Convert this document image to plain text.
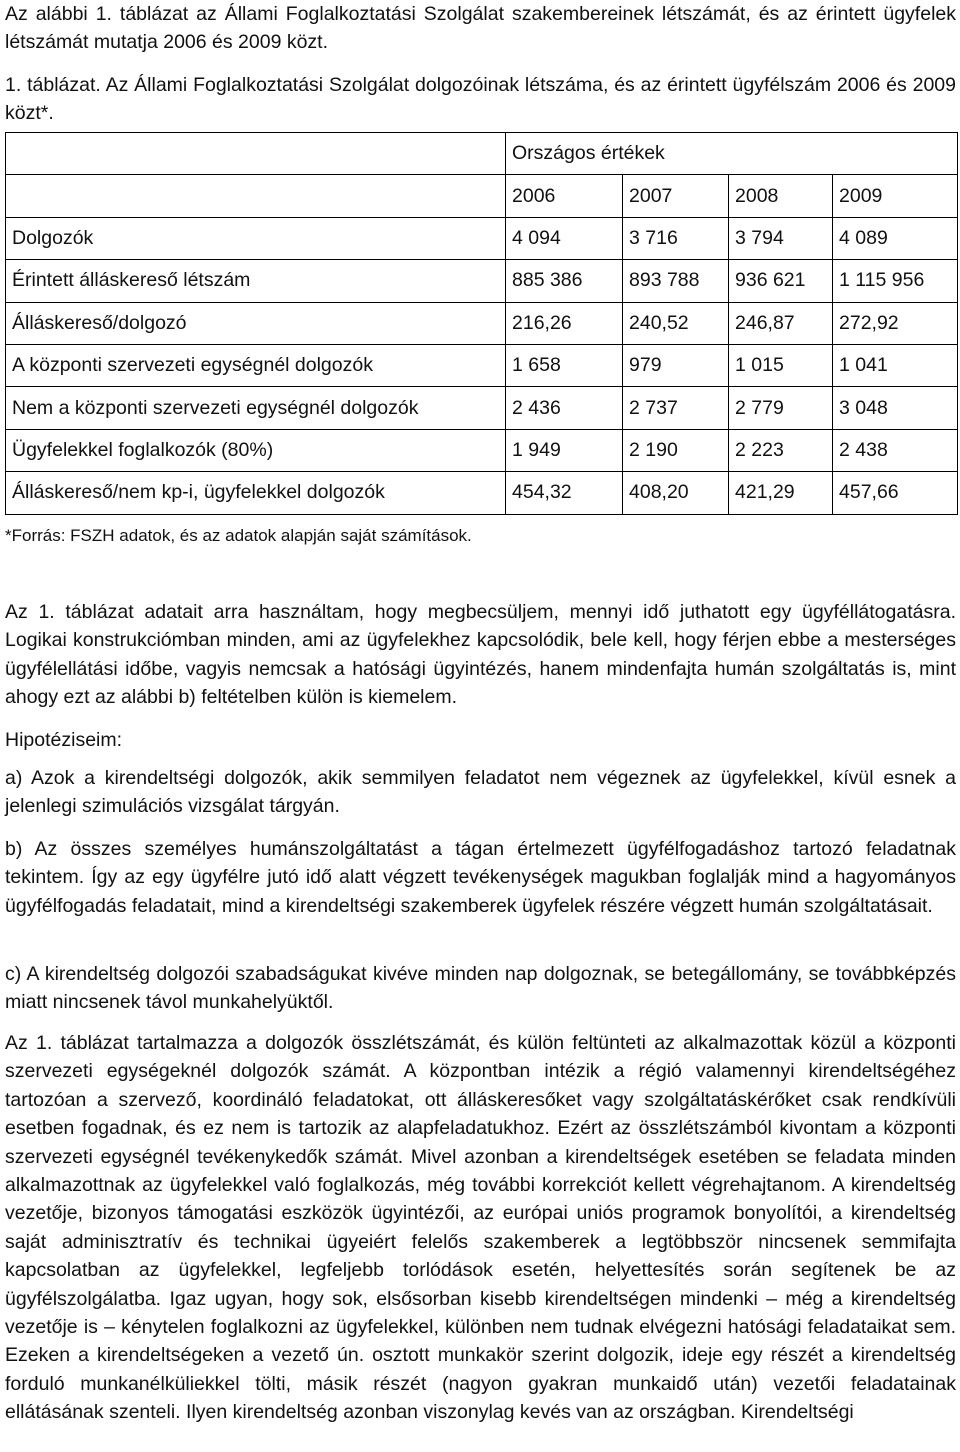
Az alábbi 1. táblázat az Állami Foglalkoztatási Szolgálat szakembereinek létszámát, és az érintett ügyfelek létszámát mutatja 2006 és 2009 közt.

1. táblázat. Az Állami Foglalkoztatási Szolgálat dolgozóinak létszáma, és az érintett ügyfélszám 2006 és 2009 közt*.

	Országos értékek			
	2006	2007	2008	2009
Dolgozók	4 094	3 716	3 794	4 089
Érintett álláskereső létszám	885 386	893 788	936 621	1 115 956
Álláskereső/dolgozó	216,26	240,52	246,87	272,92
A központi szervezeti egységnél dolgozók	1 658	979	1 015	1 041
Nem a központi szervezeti egységnél dolgozók	2 436	2 737	2 779	3 048
Ügyfelekkel foglalkozók (80%)	1 949	2 190	2 223	2 438
Álláskereső/nem kp-i, ügyfelekkel dolgozók	454,32	408,20	421,29	457,66

*Forrás: FSZH adatok, és az adatok alapján saját számítások.

Az 1. táblázat adatait arra használtam, hogy megbecsüljem, mennyi idő juthatott egy ügyféllátogatásra. Logikai konstrukciómban minden, ami az ügyfelekhez kapcsolódik, bele kell, hogy férjen ebbe a mesterséges ügyfélellátási időbe, vagyis nemcsak a hatósági ügyintézés, hanem mindenfajta humán szolgáltatás is, mint ahogy ezt az alábbi b) feltételben külön is kiemelem.

Hipotéziseim:

a) Azok a kirendeltségi dolgozók, akik semmilyen feladatot nem végeznek az ügyfelekkel, kívül esnek a jelenlegi szimulációs vizsgálat tárgyán.

b) Az összes személyes humánszolgáltatást a tágan értelmezett ügyfélfogadáshoz tartozó feladatnak tekintem. Így az egy ügyfélre jutó idő alatt végzett tevékenységek magukban foglalják mind a hagyományos ügyfélfogadás feladatait, mind a kirendeltségi szakemberek ügyfelek részére végzett humán szolgáltatásait.

c) A kirendeltség dolgozói szabadságukat kivéve minden nap dolgoznak, se betegállomány, se továbbképzés miatt nincsenek távol munkahelyüktől.

Az 1. táblázat tartalmazza a dolgozók összlétszámát, és külön feltünteti az alkalmazottak közül a központi szervezeti egységeknél dolgozók számát. A központban intézik a régió valamennyi kirendeltségéhez tartozóan a szervező, koordináló feladatokat, ott álláskeresőket vagy szolgáltatáskérőket csak rendkívüli esetben fogadnak, és ez nem is tartozik az alapfeladatukhoz. Ezért az összlétszámból kivontam a központi szervezeti egységnél tevékenykedők számát. Mivel azonban a kirendeltségek esetében se feladata minden alkalmazottnak az ügyfelekkel való foglalkozás, még további korrekciót kellett végrehajtanom. A kirendeltség vezetője, bizonyos támogatási eszközök ügyintézői, az európai uniós programok bonyolítói, a kirendeltség saját adminisztratív és technikai ügyeiért felelős szakemberek a legtöbbször nincsenek semmifajta kapcsolatban az ügyfelekkel, legfeljebb torlódások esetén, helyettesítés során segítenek be az ügyfélszolgálatba. Igaz ugyan, hogy sok, elsősorban kisebb kirendeltségen mindenki – még a kirendeltség vezetője is – kénytelen foglalkozni az ügyfelekkel, különben nem tudnak elvégezni hatósági feladataikat sem. Ezeken a kirendeltségeken a vezető ún. osztott munkakör szerint dolgozik, ideje egy részét a kirendeltség forduló munkanélküliekkel tölti, másik részét (nagyon gyakran munkaidő után) vezetői feladatainak ellátásának szenteli. Ilyen kirendeltség azonban viszonylag kevés van az országban. Kirendeltségi
